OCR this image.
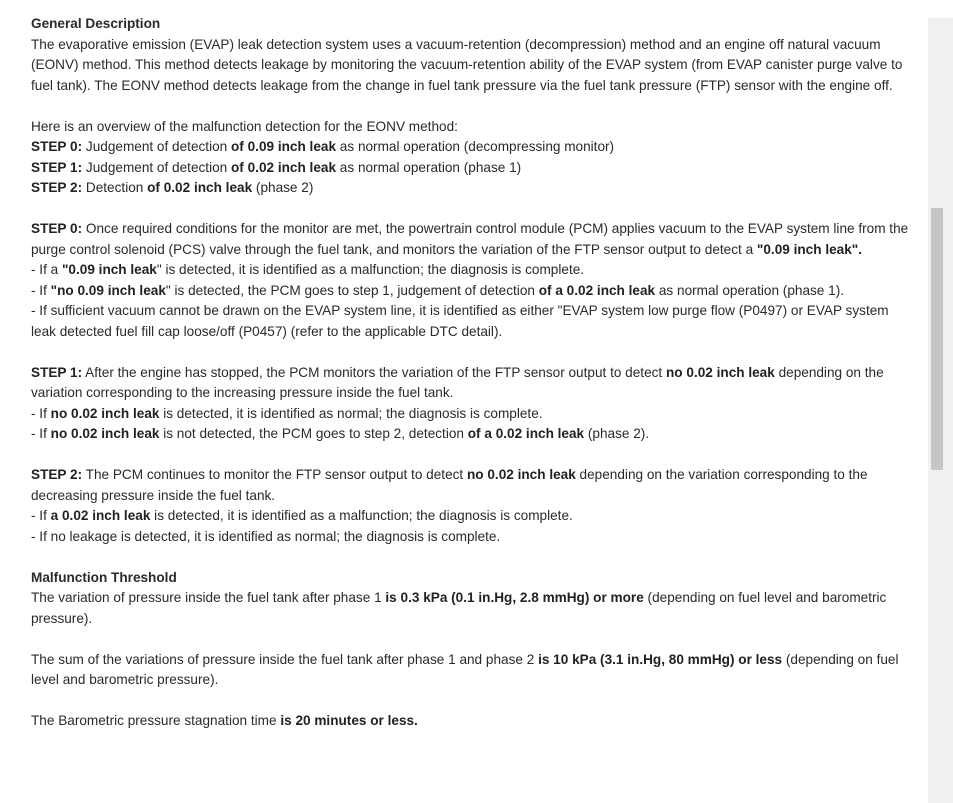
General Description

The evaporative emission (EVAP) leak detection system uses a vacuum-retention (decompression) method and an engine off natural vacuum (EONV) method. This method detects leakage by monitoring the vacuum-retention ability of the EVAP system (from EVAP canister purge valve to fuel tank). The EONV method detects leakage from the change in fuel tank pressure via the fuel tank pressure (FTP) sensor with the engine off.

Here is an overview of the malfunction detection for the EONV method:

STEP 0: Judgement of detection of 0.09 inch leak as normal operation (decompressing monitor)

STEP 1: Judgement of detection of 0.02 inch leak as normal operation (phase 1)

STEP 2: Detection of 0.02 inch leak (phase 2)

STEP 0: Once required conditions for the monitor are met, the powertrain control module (PCM) applies vacuum to the EVAP system line from the purge control solenoid (PCS) valve through the fuel tank, and monitors the variation of the FTP sensor output to detect a "0.09 inch leak".

- If a "0.09 inch leak" is detected, it is identified as a malfunction; the diagnosis is complete.

- If "no 0.09 inch leak" is detected, the PCM goes to step 1, judgement of detection of a 0.02 inch leak as normal operation (phase 1).

- If sufficient vacuum cannot be drawn on the EVAP system line, it is identified as either "EVAP system low purge flow (P0497) or EVAP system leak detected fuel fill cap loose/off (P0457) (refer to the applicable DTC detail).

STEP 1: After the engine has stopped, the PCM monitors the variation of the FTP sensor output to detect no 0.02 inch leak depending on the variation corresponding to the increasing pressure inside the fuel tank.

- If no 0.02 inch leak is detected, it is identified as normal; the diagnosis is complete.

- If no 0.02 inch leak is not detected, the PCM goes to step 2, detection of a 0.02 inch leak (phase 2).

STEP 2: The PCM continues to monitor the FTP sensor output to detect no 0.02 inch leak depending on the variation corresponding to the decreasing pressure inside the fuel tank.

- If a 0.02 inch leak is detected, it is identified as a malfunction; the diagnosis is complete.

- If no leakage is detected, it is identified as normal; the diagnosis is complete.

Malfunction Threshold

The variation of pressure inside the fuel tank after phase 1 is 0.3 kPa (0.1 in.Hg, 2.8 mmHg) or more (depending on fuel level and barometric pressure).

The sum of the variations of pressure inside the fuel tank after phase 1 and phase 2 is 10 kPa (3.1 in.Hg, 80 mmHg) or less (depending on fuel level and barometric pressure).

The Barometric pressure stagnation time is 20 minutes or less.
